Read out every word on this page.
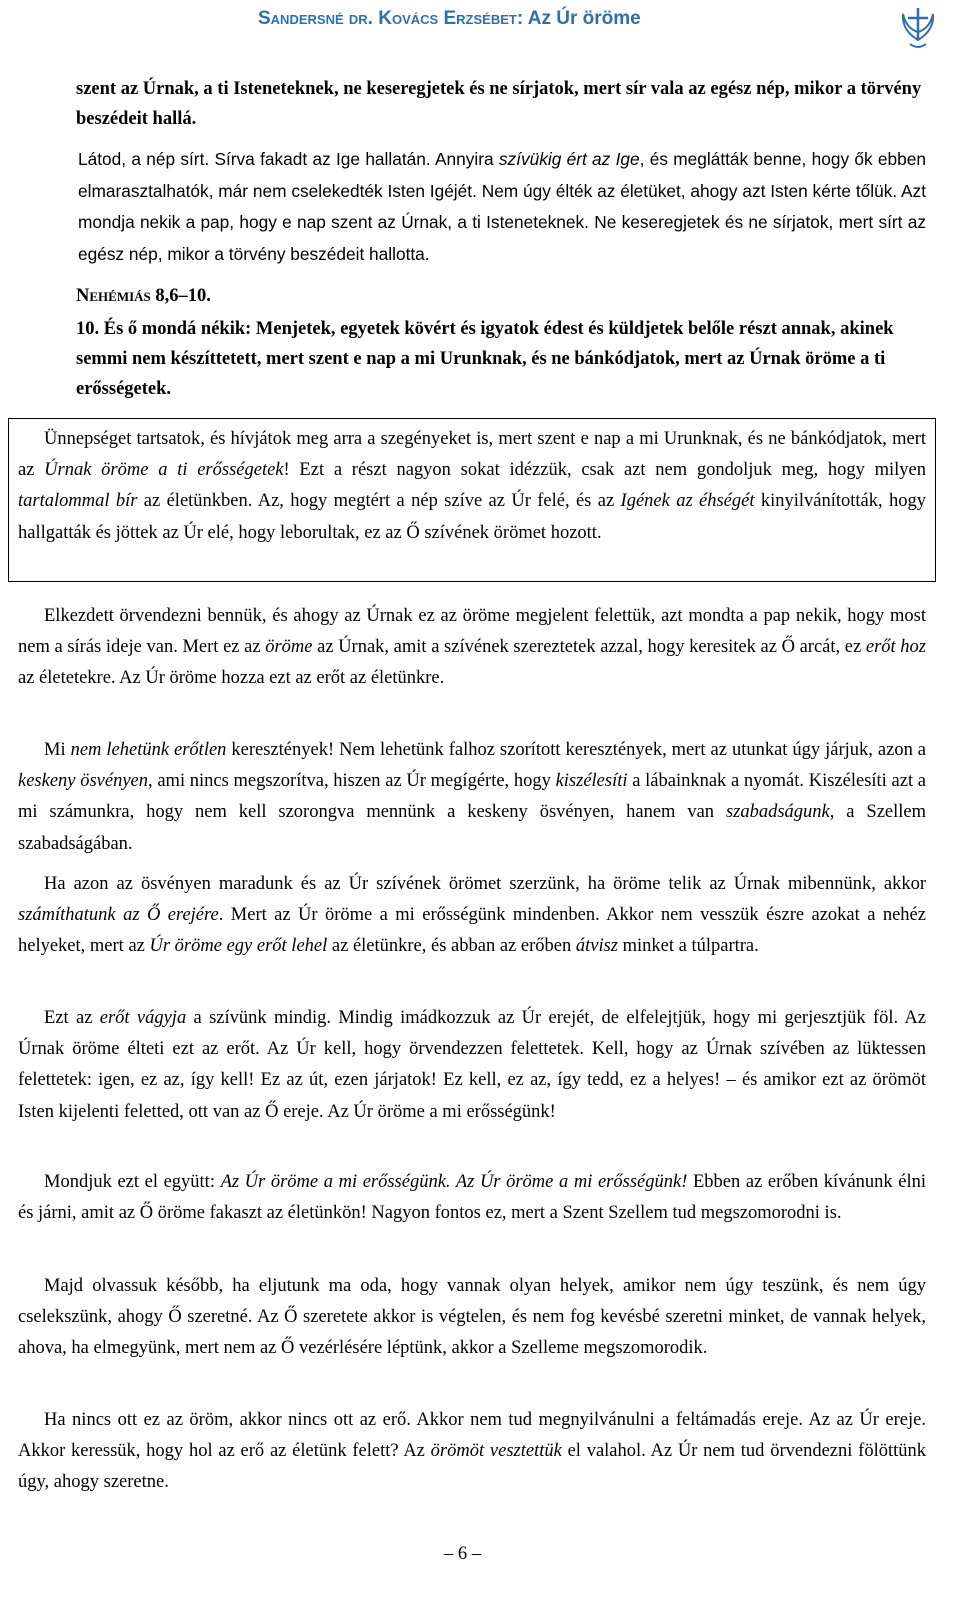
Sandersné dr. Kovács Erzsébet: Az Úr öröme

szent az Úrnak, a ti Isteneteknek, ne keseregjetek és ne sírjatok, mert sír vala az egész nép, mikor a törvény beszédeit hallá.

Látod, a nép sírt. Sírva fakadt az Ige hallatán. Annyira szívükig ért az Ige, és meglátták benne, hogy ők ebben elmarasztalhatók, már nem cselekedték Isten Igéjét. Nem úgy élték az életüket, ahogy azt Isten kérte tőlük. Azt mondja nekik a pap, hogy e nap szent az Úrnak, a ti Isteneteknek. Ne keseregjetek és ne sírjatok, mert sírt az egész nép, mikor a törvény beszédeit hallotta.

Nehémiás 8,6–10.

10. És ő mondá nékik: Menjetek, egyetek kövért és igyatok édest és küldjetek belőle részt annak, akinek semmi nem készíttetett, mert szent e nap a mi Urunknak, és ne bánkódjatok, mert az Úrnak öröme a ti erősségetek.

Ünnepséget tartsatok, és hívjátok meg arra a szegényeket is, mert szent e nap a mi Urunknak, és ne bánkódjatok, mert az Úrnak öröme a ti erősségetek! Ezt a részt nagyon sokat idézzük, csak azt nem gondoljuk meg, hogy milyen tartalommal bír az életünkben. Az, hogy megtért a nép szíve az Úr felé, és az Igének az éhségét kinyilvánították, hogy hallgatták és jöttek az Úr elé, hogy leborultak, ez az Ő szívének örömet hozott.

Elkezdett örvendezni bennük, és ahogy az Úrnak ez az öröme megjelent felettük, azt mondta a pap nekik, hogy most nem a sírás ideje van. Mert ez az öröme az Úrnak, amit a szívének szereztetek azzal, hogy keresitek az Ő arcát, ez erőt hoz az életetekre. Az Úr öröme hozza ezt az erőt az életünkre.

Mi nem lehetünk erőtlen keresztények! Nem lehetünk falhoz szorított keresztények, mert az utunkat úgy járjuk, azon a keskeny ösvényen, ami nincs megszorítva, hiszen az Úr megígérte, hogy kiszélesíti a lábainknak a nyomát. Kiszélesíti azt a mi számunkra, hogy nem kell szorongva mennünk a keskeny ösvényen, hanem van szabadságunk, a Szellem szabadságában.

Ha azon az ösvényen maradunk és az Úr szívének örömet szerzünk, ha öröme telik az Úrnak mibennünk, akkor számíthatunk az Ő erejére. Mert az Úr öröme a mi erősségünk mindenben. Akkor nem vesszük észre azokat a nehéz helyeket, mert az Úr öröme egy erőt lehel az életünkre, és abban az erőben átvisz minket a túlpartra.

Ezt az erőt vágyja a szívünk mindig. Mindig imádkozzuk az Úr erejét, de elfelejtjük, hogy mi gerjesztjük föl. Az Úrnak öröme élteti ezt az erőt. Az Úr kell, hogy örvendezzen felettetek. Kell, hogy az Úrnak szívében az lüktessen felettetek: igen, ez az, így kell! Ez az út, ezen járjatok! Ez kell, ez az, így tedd, ez a helyes! – és amikor ezt az örömöt Isten kijelenti feletted, ott van az Ő ereje. Az Úr öröme a mi erősségünk!

Mondjuk ezt el együtt: Az Úr öröme a mi erősségünk. Az Úr öröme a mi erősségünk! Ebben az erőben kívánunk élni és járni, amit az Ő öröme fakaszt az életünkön! Nagyon fontos ez, mert a Szent Szellem tud megszomorodni is.

Majd olvassuk később, ha eljutunk ma oda, hogy vannak olyan helyek, amikor nem úgy teszünk, és nem úgy cselekszünk, ahogy Ő szeretné. Az Ő szeretete akkor is végtelen, és nem fog kevésbé szeretni minket, de vannak helyek, ahova, ha elmegyünk, mert nem az Ő vezérlésére léptünk, akkor a Szelleme megszomorodik.

Ha nincs ott ez az öröm, akkor nincs ott az erő. Akkor nem tud megnyilvánulni a feltámadás ereje. Az az Úr ereje. Akkor keressük, hogy hol az erő az életünk felett? Az örömöt vesztettük el valahol. Az Úr nem tud örvendezni fölöttünk úgy, ahogy szeretne.

– 6 –
